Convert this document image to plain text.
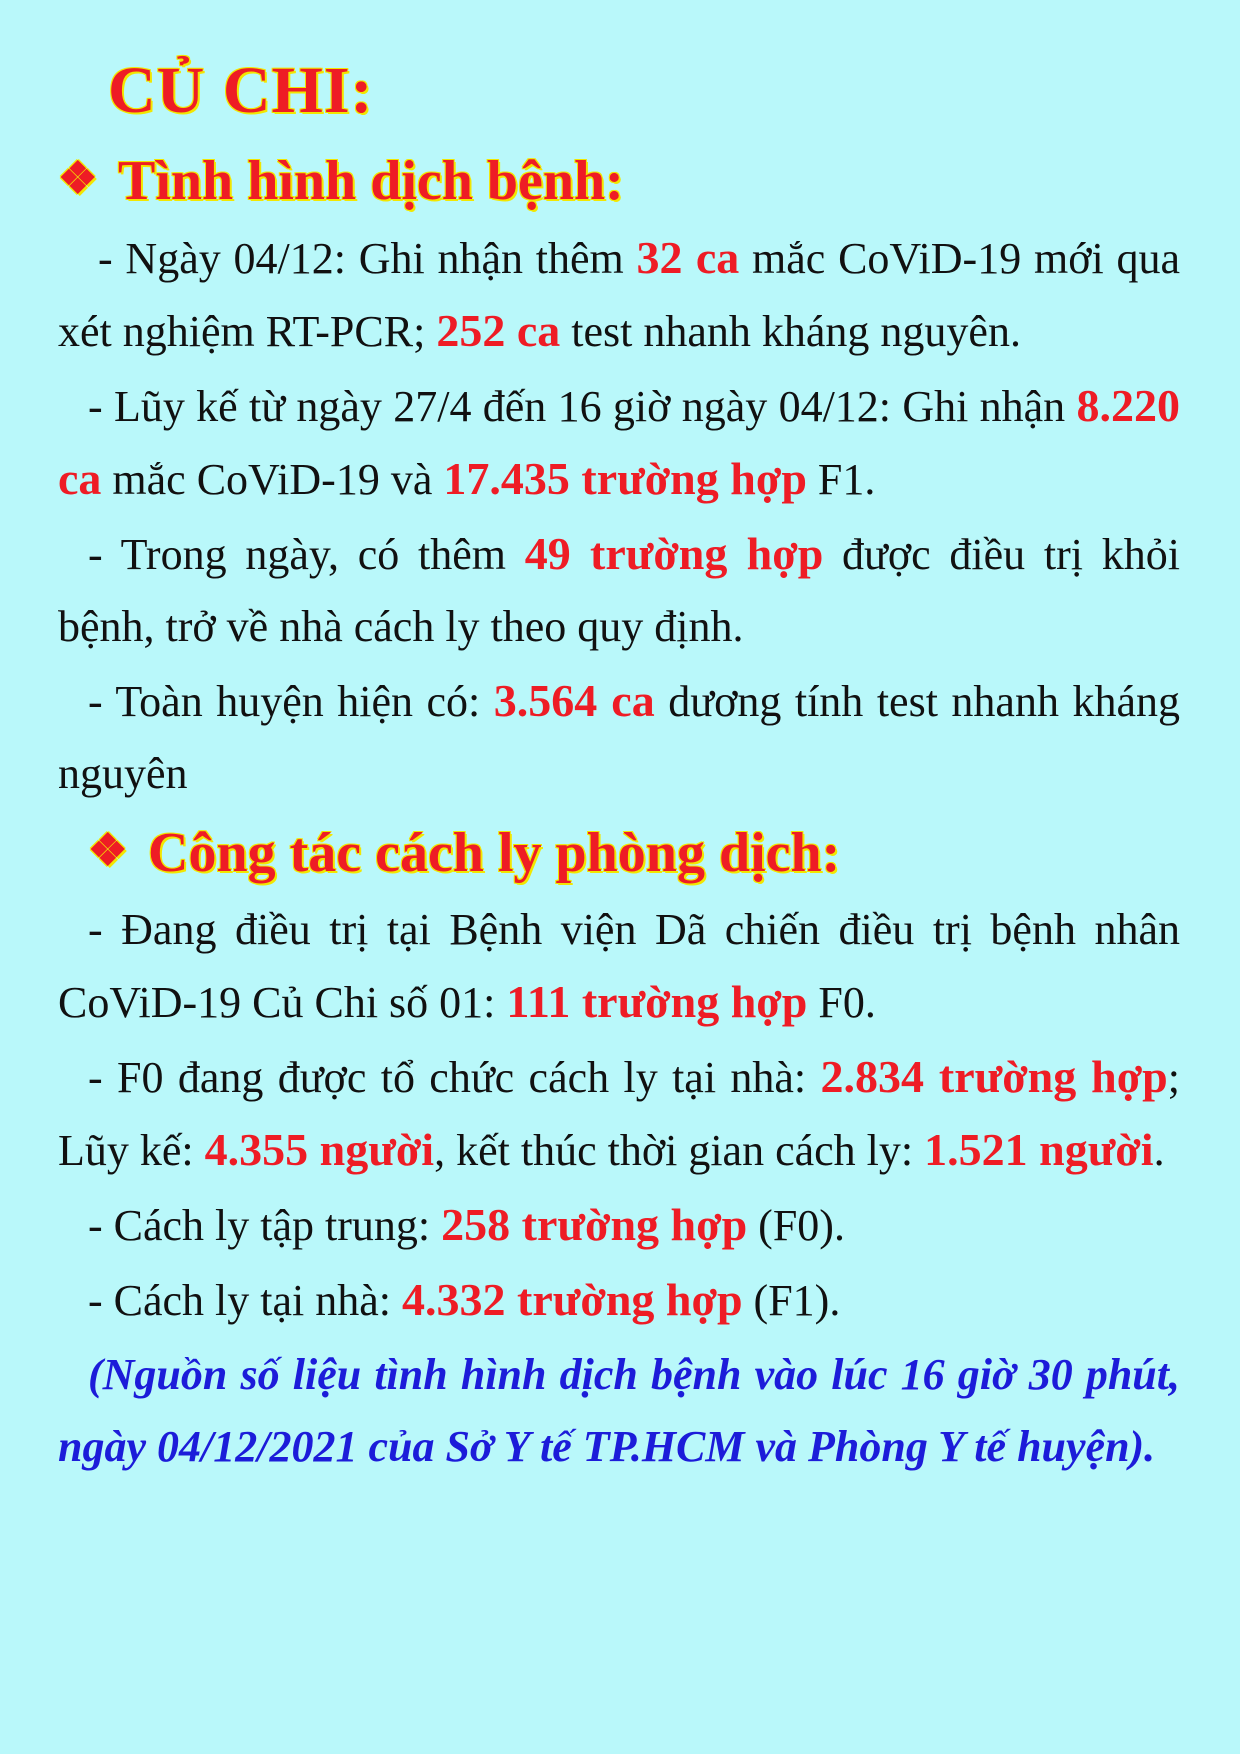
CỦ CHI:
❖ Tình hình dịch bệnh:

- Ngày 04/12: Ghi nhận thêm 32 ca mắc CoViD-19 mới qua xét nghiệm RT-PCR; 252 ca test nhanh kháng nguyên.

- Lũy kế từ ngày 27/4 đến 16 giờ ngày 04/12: Ghi nhận 8.220 ca mắc CoViD-19 và 17.435 trường hợp F1.

- Trong ngày, có thêm 49 trường hợp được điều trị khỏi bệnh, trở về nhà cách ly theo quy định.

- Toàn huyện hiện có: 3.564 ca dương tính test nhanh kháng nguyên

❖ Công tác cách ly phòng dịch:

- Đang điều trị tại Bệnh viện Dã chiến điều trị bệnh nhân CoViD-19 Củ Chi số 01: 111 trường hợp F0.

- F0 đang được tổ chức cách ly tại nhà: 2.834 trường hợp; Lũy kế: 4.355 người, kết thúc thời gian cách ly: 1.521 người.

- Cách ly tập trung: 258 trường hợp (F0).

- Cách ly tại nhà: 4.332 trường hợp (F1).

(Nguồn số liệu tình hình dịch bệnh vào lúc 16 giờ 30 phút, ngày 04/12/2021 của Sở Y tế TP.HCM và Phòng Y tế huyện).
